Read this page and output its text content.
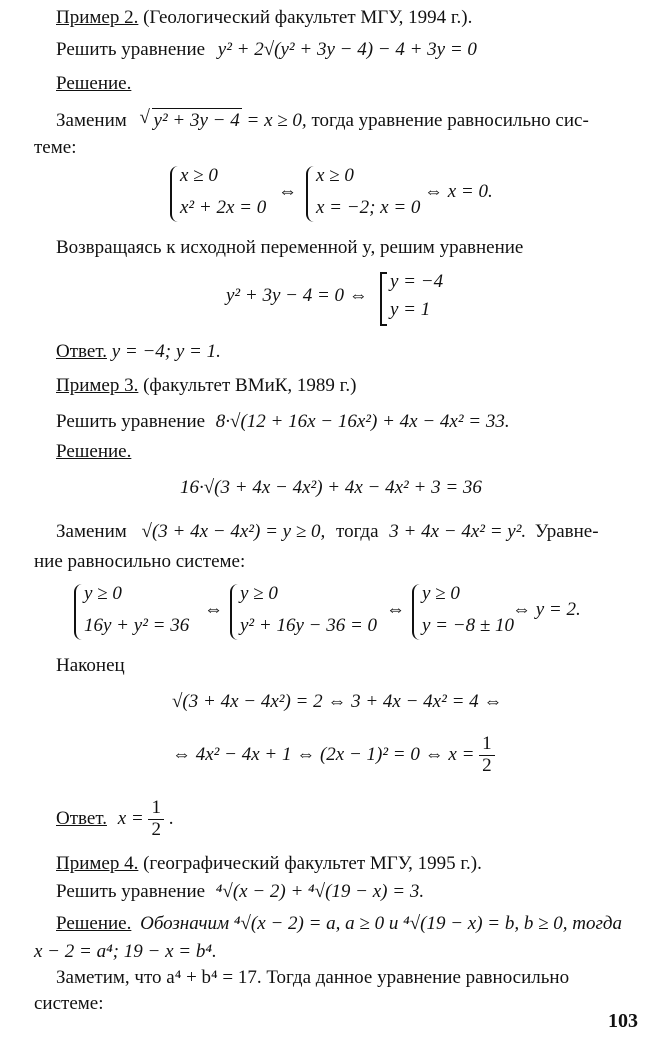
Пример 2. (Геологический факультет МГУ, 1994 г.).
Решить уравнение y² + 2√(y² + 3y − 4) − 4 + 3y = 0
Решение.
Заменим √ y² + 3y − 4 = x ≥ 0, тогда уравнение равносильно сис-
теме:
x ≥ 0
x² + 2x = 0
⇔
x ≥ 0
x = −2; x = 0
⇔ x = 0.
Возвращаясь к исходной переменной y, решим уравнение
y² + 3y − 4 = 0 ⇔
y = −4
y = 1
Ответ. y = −4; y = 1.
Пример 3. (факультет ВМиК, 1989 г.)
Решить уравнение 8·√(12 + 16x − 16x²) + 4x − 4x² = 33.
Решение.
16·√(3 + 4x − 4x²) + 4x − 4x² + 3 = 36
Заменим √(3 + 4x − 4x²) = y ≥ 0, тогда 3 + 4x − 4x² = y². Уравне-
ние равносильно системе:
y ≥ 0
16y + y² = 36
⇔
y ≥ 0
y² + 16y − 36 = 0
⇔
y ≥ 0
y = −8 ± 10
⇔ y = 2.
Наконец
√(3 + 4x − 4x²) = 2 ⇔ 3 + 4x − 4x² = 4 ⇔
⇔ 4x² − 4x + 1 ⇔ (2x − 1)² = 0 ⇔ $x = \frac{1}{2}$
Ответ. $x = \frac{1}{2}$ .
Пример 4. (географический факультет МГУ, 1995 г.).
Решить уравнение ⁴√(x − 2) + ⁴√(19 − x) = 3.
Решение. Обозначим ⁴√(x − 2) = a, a ≥ 0 и ⁴√(19 − x) = b, b ≥ 0, тогда
x − 2 = a⁴; 19 − x = b⁴.
Заметим, что a⁴ + b⁴ = 17. Тогда данное уравнение равносильно
системе:
103
